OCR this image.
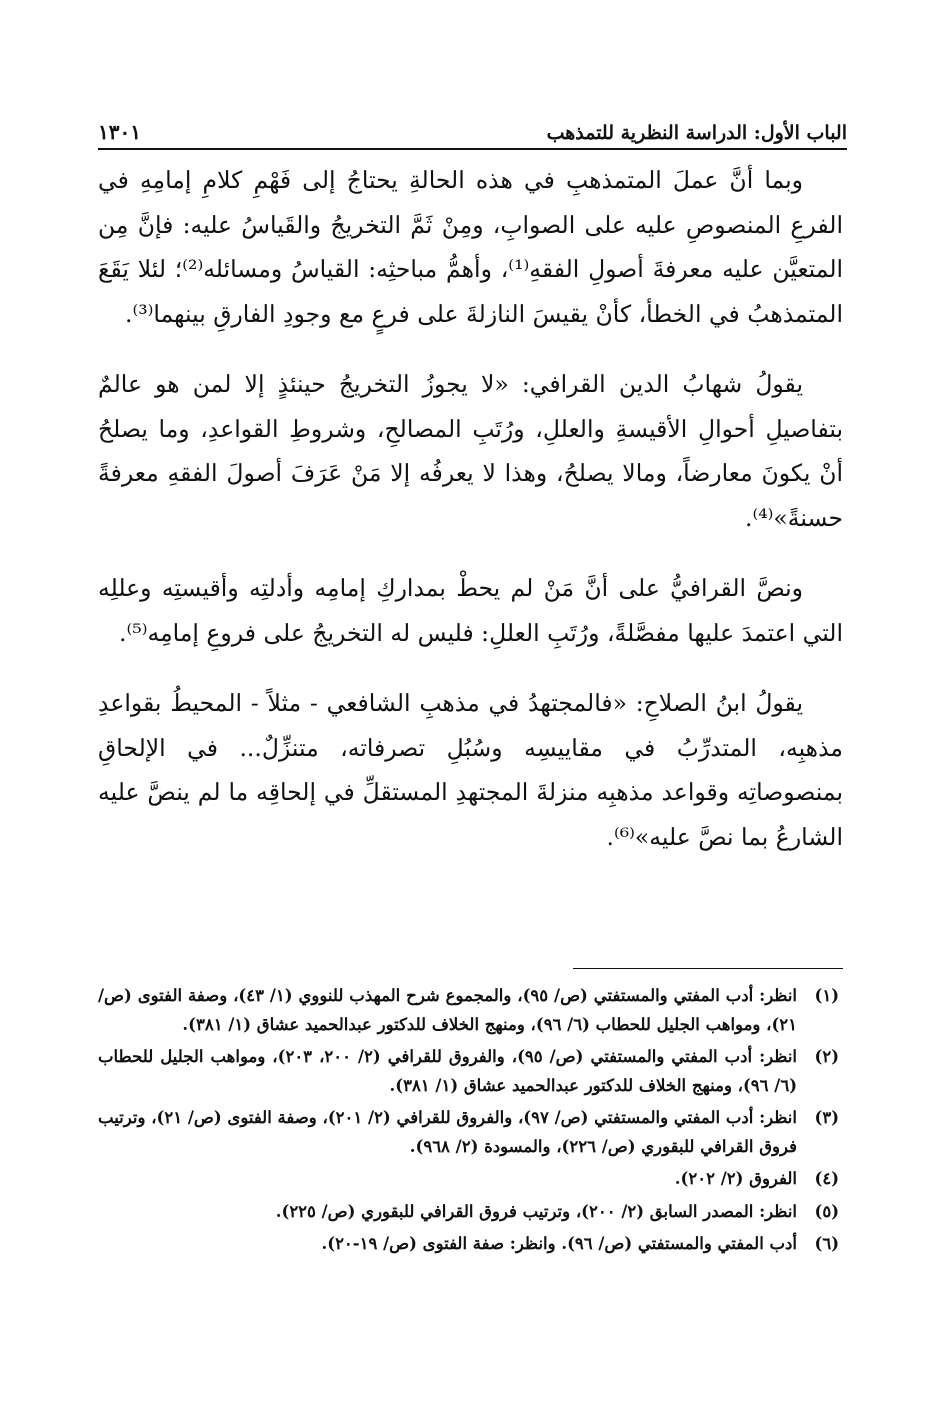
الباب الأول: الدراسة النظرية للتمذهب
١٣٠١

وبما أنَّ عملَ المتمذهبِ في هذه الحالةِ يحتاجُ إلى فَهْمِ كلامِ إمامِهِ في الفرعِ المنصوصِ عليه على الصوابِ، ومِنْ ثَمَّ التخريجُ والقَياسُ عليه: فإنَّ مِن المتعيَّن عليه معرفةَ أصولِ الفقهِ⁽¹⁾، وأهمُّ مباحثِه: القياسُ ومسائله⁽²⁾؛ لئلا يَقَعَ المتمذهبُ في الخطأ، كأنْ يقيسَ النازلةَ على فرعٍ مع وجودِ الفارقِ بينهما⁽³⁾.

يقولُ شهابُ الدين القرافي: «لا يجوزُ التخريجُ حينئذٍ إلا لمن هو عالمٌ بتفاصيلِ أحوالِ الأقيسةِ والعللِ، ورُتَبِ المصالحِ، وشروطِ القواعدِ، وما يصلحُ أنْ يكونَ معارضاً، ومالا يصلحُ، وهذا لا يعرفُه إلا مَنْ عَرَفَ أصولَ الفقهِ معرفةً حسنةً»⁽⁴⁾.

ونصَّ القرافيُّ على أنَّ مَنْ لم يحطْ بمداركِ إمامِه وأدلتِه وأقيستِه وعللِه التي اعتمدَ عليها مفصَّلةً، ورُتَبِ العللِ: فليس له التخريجُ على فروعِ إمامِه⁽⁵⁾.

يقولُ ابنُ الصلاحِ: «فالمجتهدُ في مذهبِ الشافعي - مثلاً - المحيطُ بقواعدِ مذهبِه، المتدرِّبُ في مقاييسِه وسُبُلِ تصرفاته، متنزِّلٌ... في الإلحاقِ بمنصوصاتِه وقواعد مذهبِه منزلةَ المجتهدِ المستقلِّ في إلحاقِه ما لم ينصَّ عليه الشارعُ بما نصَّ عليه»⁽⁶⁾.

(١)
انظر: أدب المفتي والمستفتي (ص/ ٩٥)، والمجموع شرح المهذب للنووي (١/ ٤٣)، وصفة الفتوى (ص/ ٢١)، ومواهب الجليل للحطاب (٦/ ٩٦)، ومنهج الخلاف للدكتور عبدالحميد عشاق (١/ ٣٨١).
(٢)
انظر: أدب المفتي والمستفتي (ص/ ٩٥)، والفروق للقرافي (٢/ ٢٠٠، ٢٠٣)، ومواهب الجليل للحطاب (٦/ ٩٦)، ومنهج الخلاف للدكتور عبدالحميد عشاق (١/ ٣٨١).
(٣)
انظر: أدب المفتي والمستفتي (ص/ ٩٧)، والفروق للقرافي (٢/ ٢٠١)، وصفة الفتوى (ص/ ٢١)، وترتيب فروق القرافي للبقوري (ص/ ٢٢٦)، والمسودة (٢/ ٩٦٨).
(٤)
الفروق (٢/ ٢٠٢).
(٥)
انظر: المصدر السابق (٢/ ٢٠٠)، وترتيب فروق القرافي للبقوري (ص/ ٢٢٥).
(٦)
أدب المفتي والمستفتي (ص/ ٩٦). وانظر: صفة الفتوى (ص/ ١٩-٢٠).
